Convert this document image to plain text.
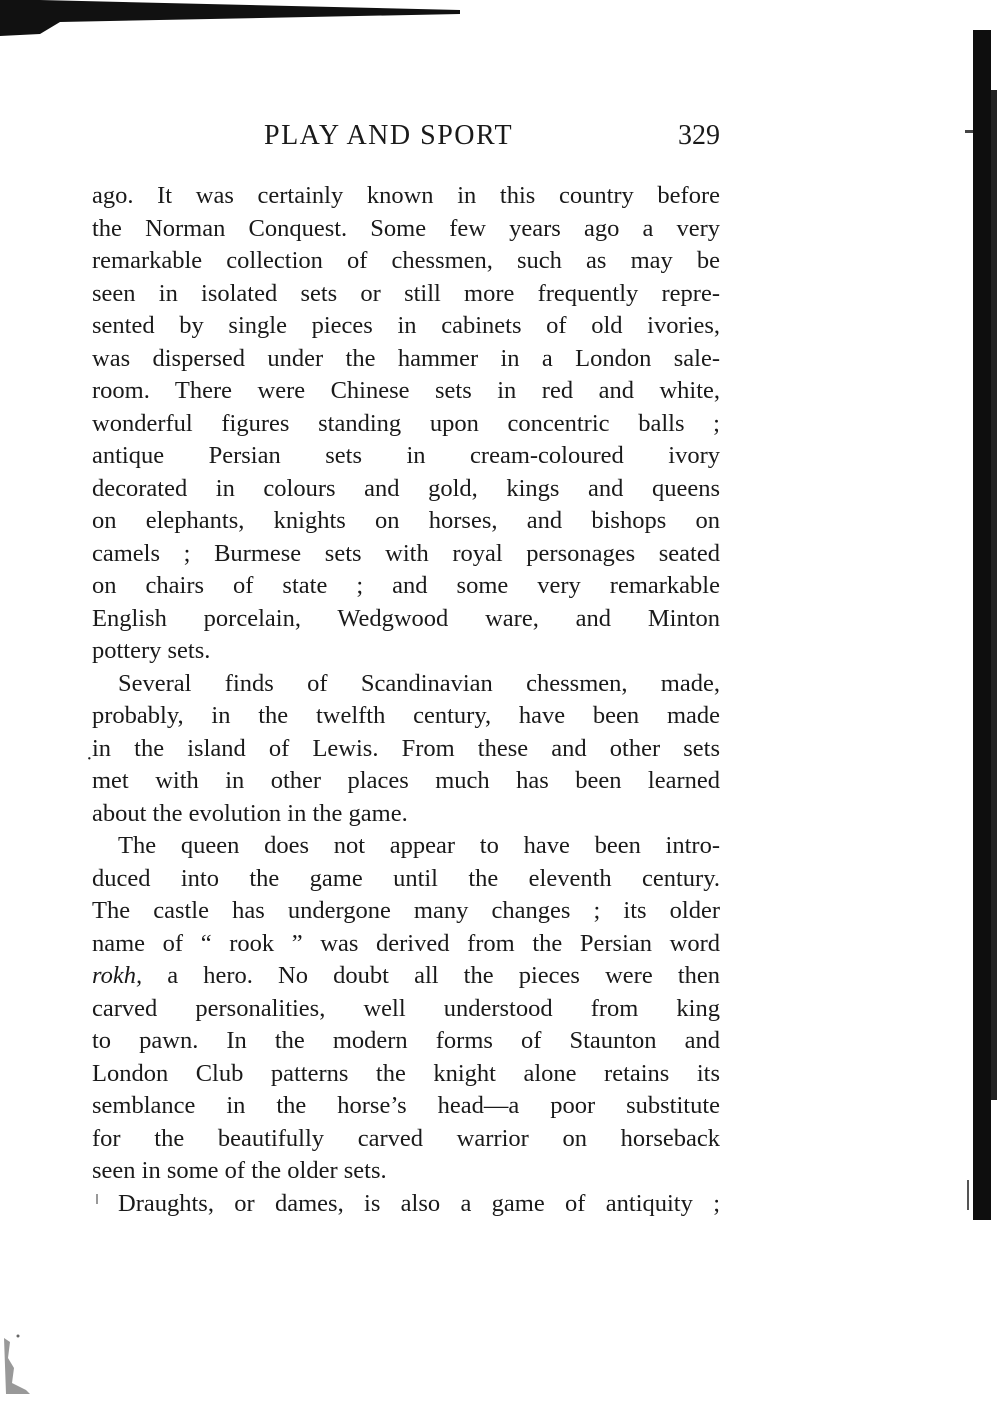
PLAY AND SPORT	329
ago. It was certainly known in this country before
the Norman Conquest. Some few years ago a very
remarkable collection of chessmen, such as may be
seen in isolated sets or still more frequently repre-
sented by single pieces in cabinets of old ivories,
was dispersed under the hammer in a London sale-
room. There were Chinese sets in red and white,
wonderful figures standing upon concentric balls ;
antique Persian sets in cream-coloured ivory
decorated in colours and gold, kings and queens
on elephants, knights on horses, and bishops on
camels ; Burmese sets with royal personages seated
on chairs of state ; and some very remarkable
English porcelain, Wedgwood ware, and Minton
pottery sets.
Several finds of Scandinavian chessmen, made,
probably, in the twelfth century, have been made
in the island of Lewis. From these and other sets
met with in other places much has been learned
about the evolution in the game.
The queen does not appear to have been intro-
duced into the game until the eleventh century.
The castle has undergone many changes ; its older
name of “ rook ” was derived from the Persian word
rokh, a hero. No doubt all the pieces were then
carved personalities, well understood from king
to pawn. In the modern forms of Staunton and
London Club patterns the knight alone retains its
semblance in the horse’s head—a poor substitute
for the beautifully carved warrior on horseback
seen in some of the older sets.
Draughts, or dames, is also a game of antiquity ;
·
